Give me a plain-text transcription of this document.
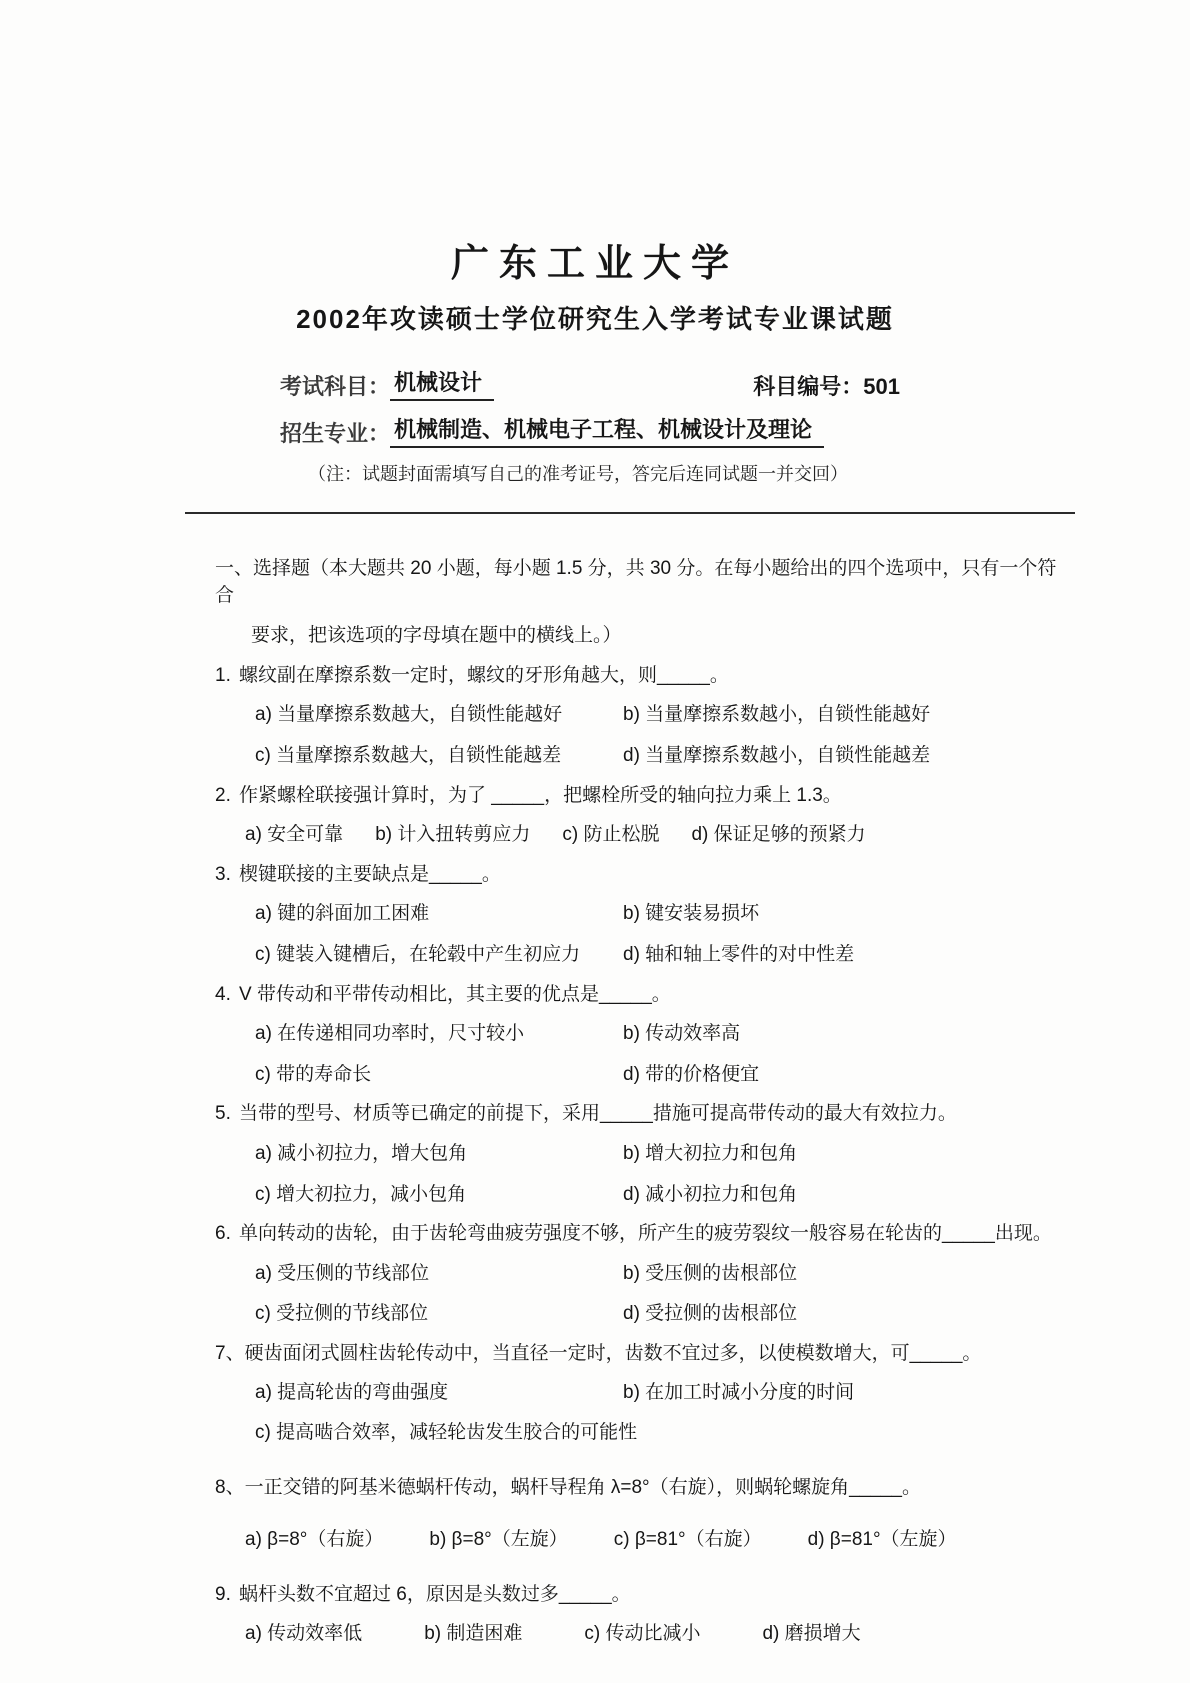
广东工业大学
2002年攻读硕士学位研究生入学考试专业课试题
考试科目： 机械设计	科目编号：501
招生专业： 机械制造、机械电子工程、机械设计及理论
（注：试题封面需填写自己的准考证号，答完后连同试题一并交回）

一、选择题（本大题共 20 小题，每小题 1.5 分，共 30 分。在每小题给出的四个选项中，只有一个符合

要求，把该选项的字母填在题中的横线上。）

1. 螺纹副在摩擦系数一定时，螺纹的牙形角越大，则_____。
a) 当量摩擦系数越大，自锁性能越好	b) 当量摩擦系数越小，自锁性能越好
c) 当量摩擦系数越大，自锁性能越差	d) 当量摩擦系数越小，自锁性能越差
2. 作紧螺栓联接强计算时，为了 _____，把螺栓所受的轴向拉力乘上 1.3。
a) 安全可靠 b) 计入扭转剪应力 c) 防止松脱 d) 保证足够的预紧力
3. 楔键联接的主要缺点是_____。
a) 键的斜面加工困难	b) 键安装易损坏
c) 键装入键槽后，在轮毂中产生初应力	d) 轴和轴上零件的对中性差
4. V 带传动和平带传动相比，其主要的优点是_____。
a) 在传递相同功率时，尺寸较小	b) 传动效率高
c) 带的寿命长	d) 带的价格便宜
5. 当带的型号、材质等已确定的前提下，采用_____措施可提高带传动的最大有效拉力。
a) 减小初拉力，增大包角	b) 增大初拉力和包角
c) 增大初拉力，减小包角	d) 减小初拉力和包角
6. 单向转动的齿轮，由于齿轮弯曲疲劳强度不够，所产生的疲劳裂纹一般容易在轮齿的_____出现。
a) 受压侧的节线部位	b) 受压侧的齿根部位
c) 受拉侧的节线部位	d) 受拉侧的齿根部位
7、硬齿面闭式圆柱齿轮传动中，当直径一定时，齿数不宜过多，以使模数增大，可_____。
a) 提高轮齿的弯曲强度	b) 在加工时减小分度的时间
c) 提高啮合效率，减轻轮齿发生胶合的可能性
8、一正交错的阿基米德蜗杆传动，蜗杆导程角 λ=8°（右旋），则蜗轮螺旋角_____。
a) β=8°（右旋） b) β=8°（左旋） c) β=81°（右旋） d) β=81°（左旋）
9. 蜗杆头数不宜超过 6，原因是头数过多_____。
a) 传动效率低	b) 制造困难	c) 传动比减小	d) 磨损增大
